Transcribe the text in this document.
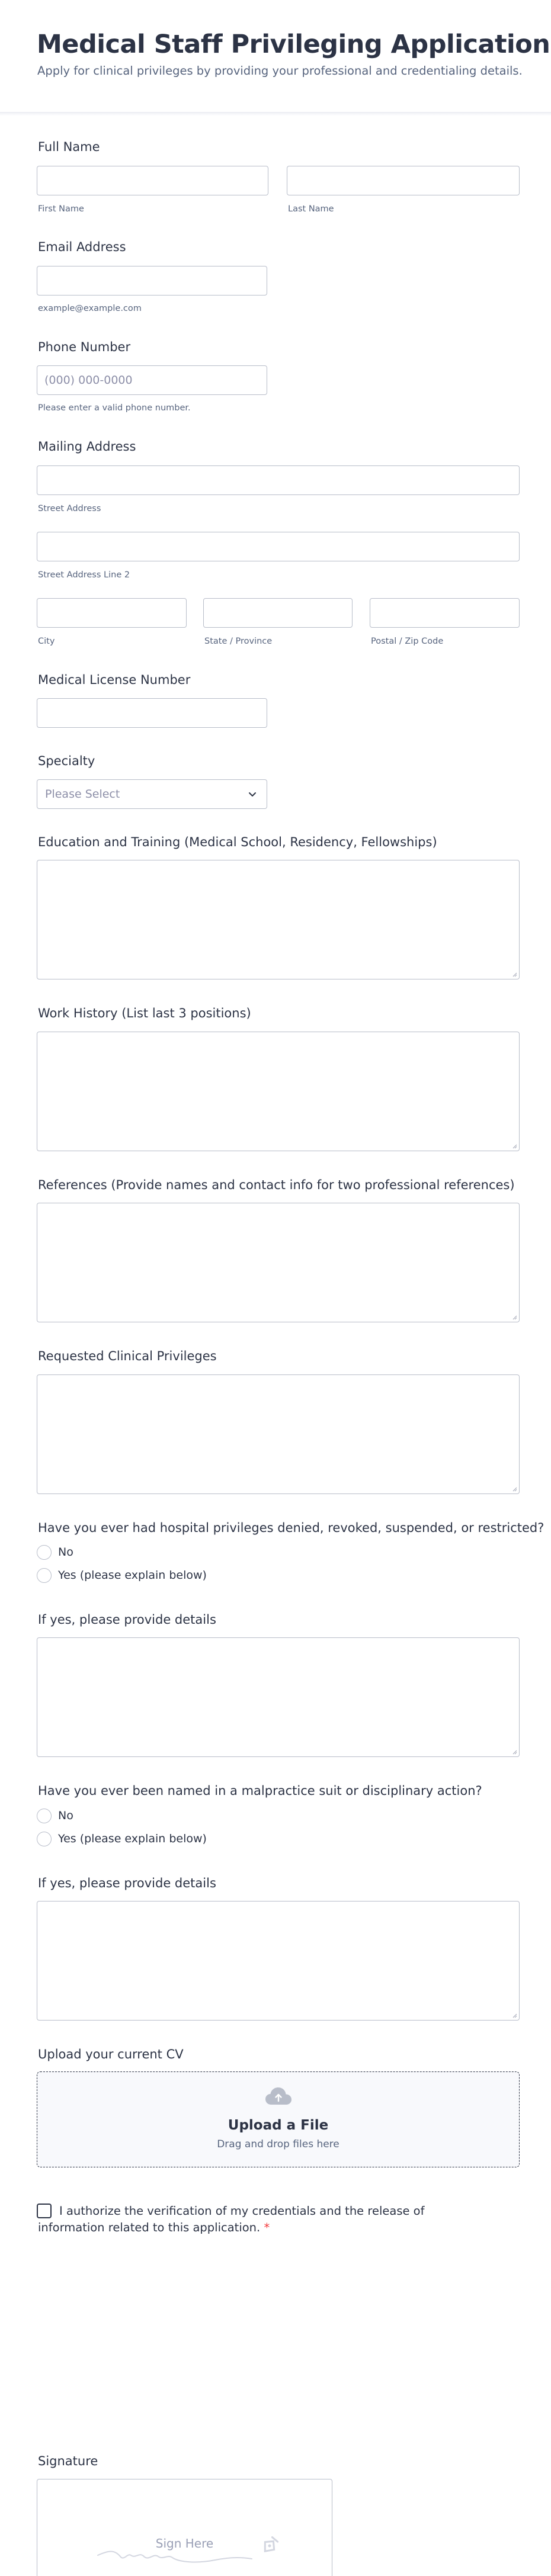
Medical Staff Privileging Application
Apply for clinical privileges by providing your professional and credentialing details.
Full Name
First Name	Last Name
Email Address
example@example.com
Phone Number
(000) 000-0000
Please enter a valid phone number.
Mailing Address
Street Address
Street Address Line 2
City	State / Province	Postal / Zip Code
Medical License Number
Specialty
Please Select
Education and Training (Medical School, Residency, Fellowships)
Work History (List last 3 positions)
References (Provide names and contact info for two professional references)
Requested Clinical Privileges
Have you ever had hospital privileges denied, revoked, suspended, or restricted?
No
Yes (please explain below)
If yes, please provide details
Have you ever been named in a malpractice suit or disciplinary action?
No
Yes (please explain below)
If yes, please provide details
Upload your current CV
Upload a File
Drag and drop files here
I authorize the verification of my credentials and the release of information related to this application. *
Signature
Sign Here
